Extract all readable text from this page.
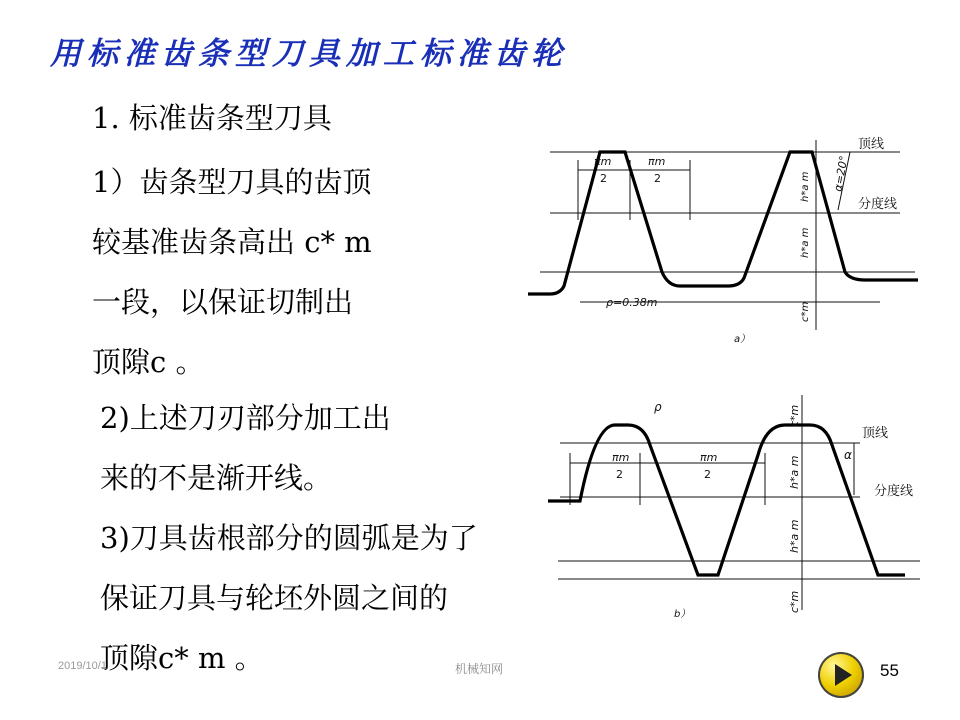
用标准齿条型刀具加工标准齿轮
1. 标准齿条型刀具
1）齿条型刀具的齿顶
较基准齿条高出 c* m
一段，以保证切制出
顶隙c 。
2)上述刀刃部分加工出
来的不是渐开线。
3)刀具齿根部分的圆弧是为了
保证刀具与轮坯外圆之间的
顶隙c* m 。
πm
2
πm
2
顶线
分度线
α=20°
h*a m
h*a m
c*m
ρ=0.38m
a）
πm
2
πm
2
顶线
分度线
α
ρ	c*m
h*a m
h*a m
c*m
b）
2019/10/1	机械知网	55
